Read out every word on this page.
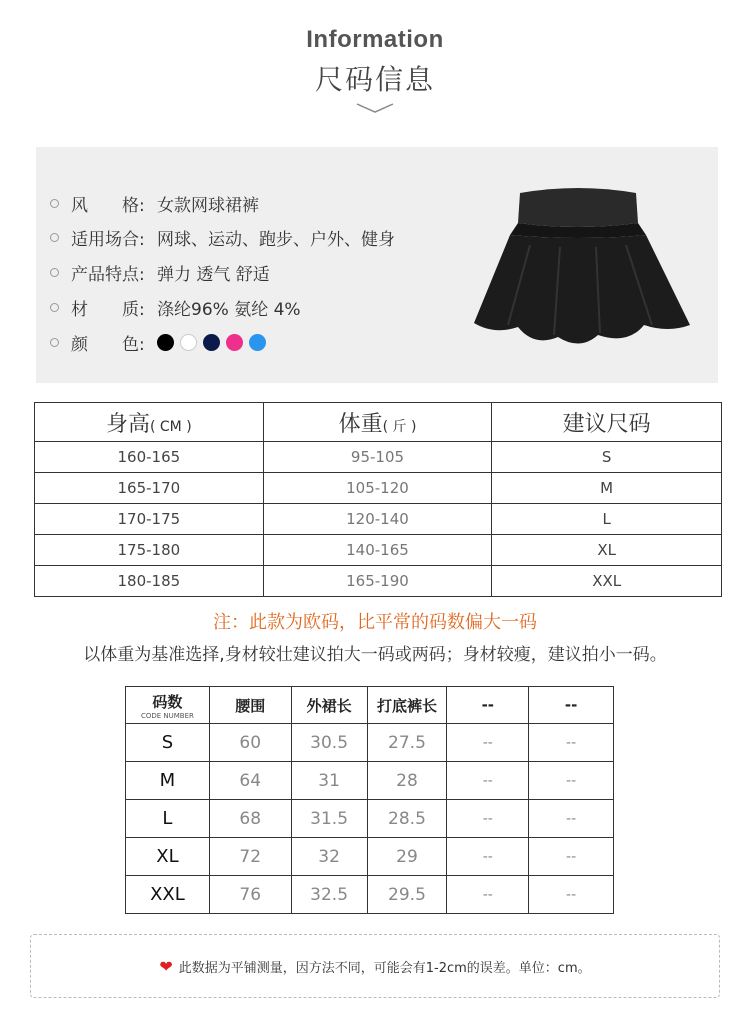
Information
尺码信息
风　　格: 女款网球裙裤
适用场合: 网球、运动、跑步、户外、健身
产品特点: 弹力 透气 舒适
材　　质: 涤纶96% 氨纶 4%
颜　　色:
身高( CM )	体重( 斤 )	建议尺码
160-165	95-105	S
165-170	105-120	M
170-175	120-140	L
175-180	140-165	XL
180-185	165-190	XXL
注：此款为欧码，比平常的码数偏大一码
以体重为基准选择,身材较壮建议拍大一码或两码；身材较瘦，建议拍小一码。
码数
CODE NUMBER	腰围	外裙长	打底裤长	--	--
S	60	30.5	27.5	--	--
M	64	31	28	--	--
L	68	31.5	28.5	--	--
XL	72	32	29	--	--
XXL	76	32.5	29.5	--	--
❤ 此数据为平铺测量，因方法不同，可能会有1-2cm的误差。单位：cm。
